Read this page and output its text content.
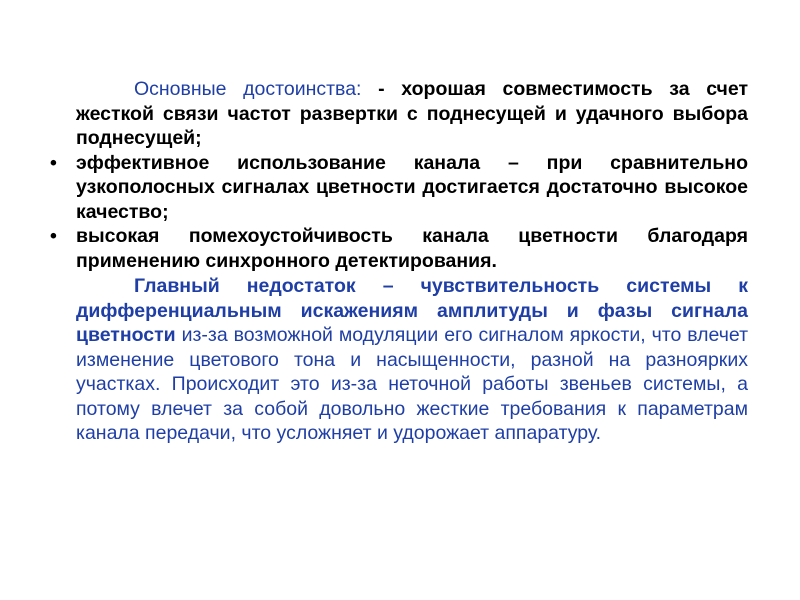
Основные достоинства: - хорошая совместимость за счет жесткой связи частот развертки с поднесущей и удачного выбора поднесущей;

• эффективное использование канала – при сравнительно узкополосных сигналах цветности достигается достаточно высокое качество;
• высокая помехоустойчивость канала цветности благодаря применению синхронного детектирования.

Главный недостаток – чувствительность системы к дифференциальным искажениям амплитуды и фазы сигнала цветности из-за возможной модуляции его сигналом яркости, что влечет изменение цветового тона и насыщенности, разной на разноярких участках. Происходит это из-за неточной работы звеньев системы, а потому влечет за собой довольно жесткие требования к параметрам канала передачи, что усложняет и удорожает аппаратуру.
